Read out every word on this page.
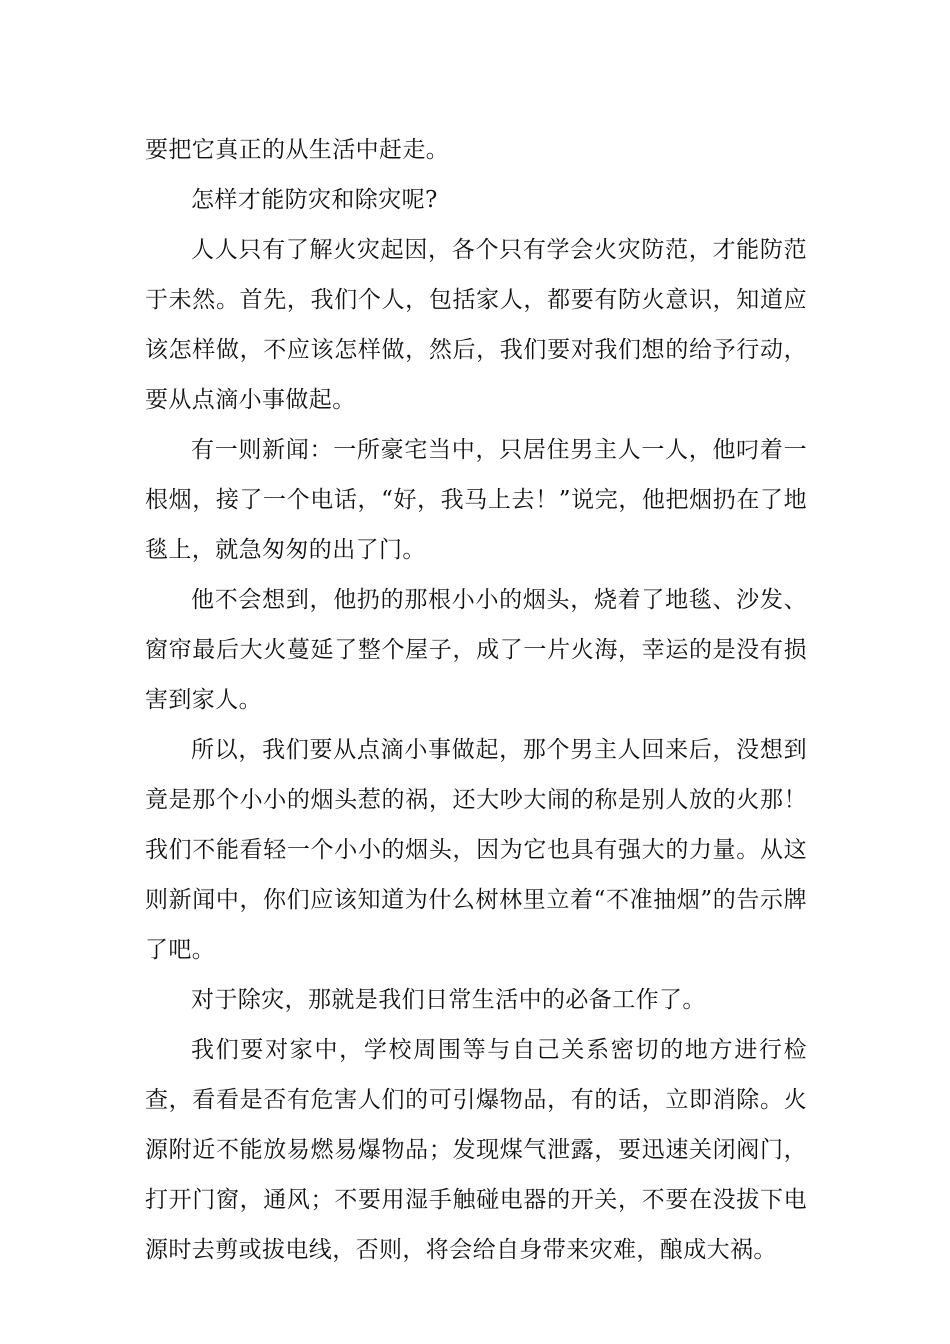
要把它真正的从生活中赶走。

怎样才能防灾和除灾呢?

人人只有了解火灾起因，各个只有学会火灾防范，才能防范于未然。首先，我们个人，包括家人，都要有防火意识，知道应该怎样做，不应该怎样做，然后，我们要对我们想的给予行动，要从点滴小事做起。

有一则新闻：一所豪宅当中，只居住男主人一人，他叼着一根烟，接了一个电话，“好，我马上去！”说完，他把烟扔在了地毯上，就急匆匆的出了门。

他不会想到，他扔的那根小小的烟头，烧着了地毯、沙发、窗帘最后大火蔓延了整个屋子，成了一片火海，幸运的是没有损害到家人。

所以，我们要从点滴小事做起，那个男主人回来后，没想到竟是那个小小的烟头惹的祸，还大吵大闹的称是别人放的火那！我们不能看轻一个小小的烟头，因为它也具有强大的力量。从这则新闻中，你们应该知道为什么树林里立着“不准抽烟”的告示牌了吧。

对于除灾，那就是我们日常生活中的必备工作了。

我们要对家中，学校周围等与自己关系密切的地方进行检查，看看是否有危害人们的可引爆物品，有的话，立即消除。火源附近不能放易燃易爆物品；发现煤气泄露，要迅速关闭阀门，打开门窗，通风；不要用湿手触碰电器的开关，不要在没拔下电源时去剪或拔电线，否则，将会给自身带来灾难，酿成大祸。
